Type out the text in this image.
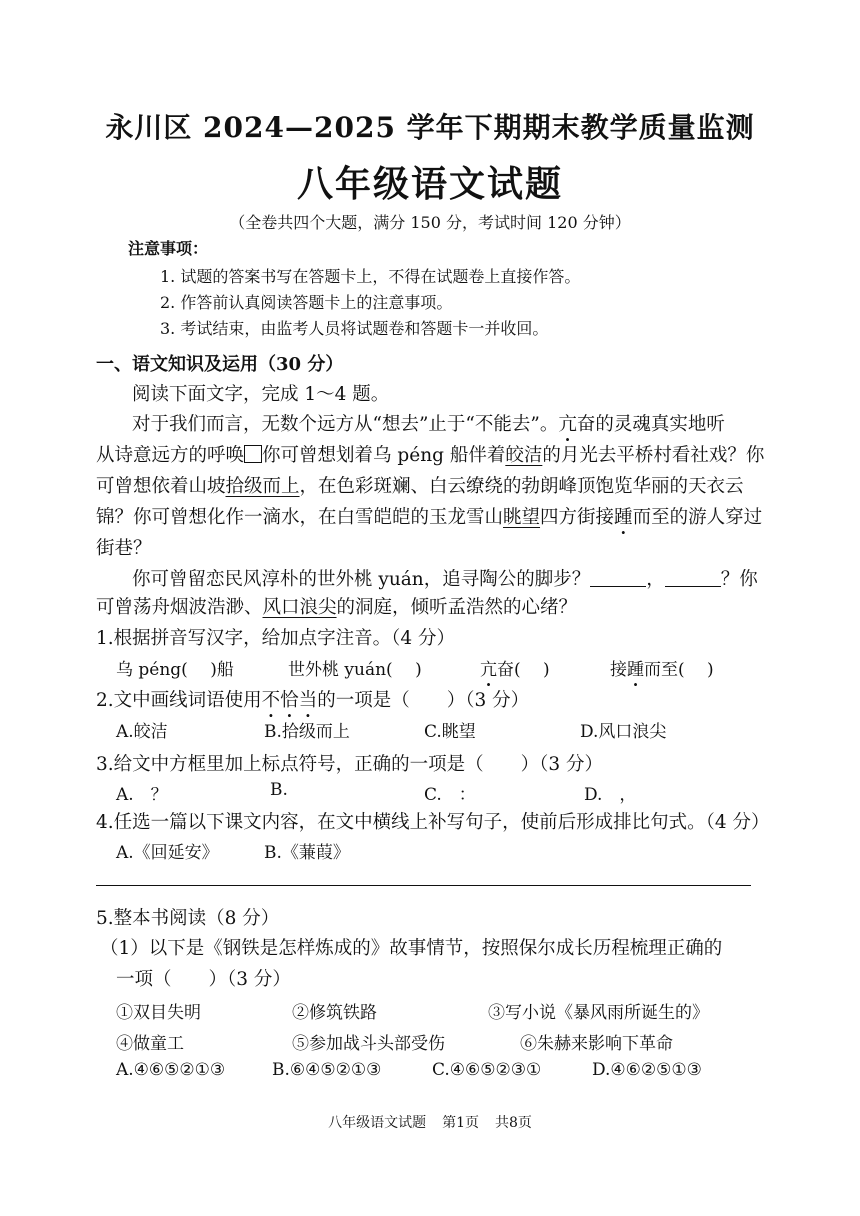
永川区 2024—2025 学年下期期末教学质量监测
八年级语文试题
（全卷共四个大题，满分 150 分，考试时间 120 分钟）
注意事项：
1. 试题的答案书写在答题卡上，不得在试题卷上直接作答。
2. 作答前认真阅读答题卡上的注意事项。
3. 考试结束，由监考人员将试题卷和答题卡一并收回。
一、语文知识及运用（30 分）
阅读下面文字，完成 1～4 题。
对于我们而言，无数个远方从“想去”止于“不能去”。亢奋的灵魂真实地听
从诗意远方的呼唤 你可曾想划着乌 péng 船伴着皎洁的月光去平桥村看社戏？你
可曾想依着山坡拾级而上，在色彩斑斓、白云缭绕的勃朗峰顶饱览华丽的天衣云
锦？你可曾想化作一滴水，在白雪皑皑的玉龙雪山眺望四方街接踵而至的游人穿过
街巷？
你可曾留恋民风淳朴的世外桃 yuán，追寻陶公的脚步？	，	？你
可曾荡舟烟波浩渺、风口浪尖的洞庭，倾听孟浩然的心绪？
1.根据拼音写汉字，给加点字注音。（4 分）
乌 péng(　 )船	世外桃 yuán(　 )	亢奋(　 )	接踵而至(　 )
2.文中画线词语使用不恰当的一项是（　　）（3 分）
A.皎洁	B.拾级而上	C.眺望	D.风口浪尖
3.给文中方框里加上标点符号，正确的一项是（　　）（3 分）
A.　？	B.	C.　：	D.　，
4.任选一篇以下课文内容，在文中横线上补写句子，使前后形成排比句式。（4 分）
A.《回延安》	B.《蒹葭》
5.整本书阅读（8 分）
（1）以下是《钢铁是怎样炼成的》故事情节，按照保尔成长历程梳理正确的
一项（　　）（3 分）
①双目失明	②修筑铁路	③写小说《暴风雨所诞生的》
④做童工	⑤参加战斗头部受伤	⑥朱赫来影响下革命
A.④⑥⑤②①③	B.⑥④⑤②①③	C.④⑥⑤②③①	D.④⑥②⑤①③
八年级语文试题 第1页 共8页
